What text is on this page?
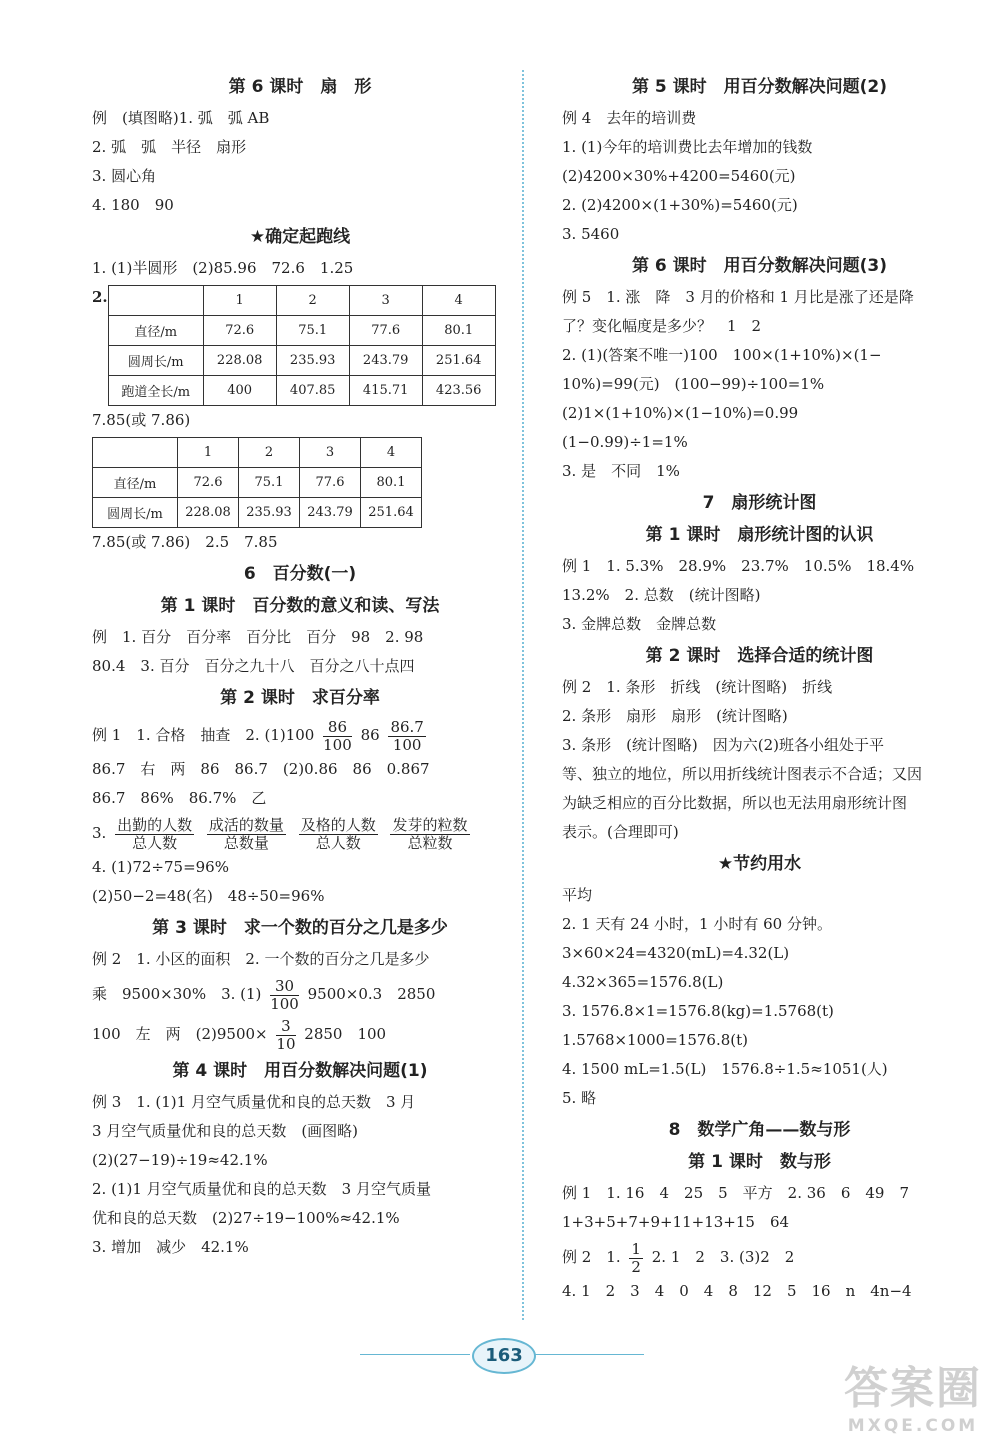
第 6 课时　扇　形
例　(填图略)1. 弧　弧 AB
2. 弧　弧　半径　扇形
3. 圆心角
4. 180　90
★确定起跑线
1. (1)半圆形　(2)85.96　72.6　1.25
2.
		1	2	3	4
直径/m	72.6	75.1	77.6	80.1
圆周长/m	228.08	235.93	243.79	251.64
跑道全长/m	400	407.85	415.71	423.56
7.85(或 7.86)
	1	2	3	4
直径/m	72.6	75.1	77.6	80.1
圆周长/m	228.08	235.93	243.79	251.64
7.85(或 7.86)　2.5　7.85
6　百分数(一)
第 1 课时　百分数的意义和读、写法
例　1. 百分　百分率　百分比　百分　98　2. 98
80.4　3. 百分　百分之九十八　百分之八十点四
第 2 课时　求百分率
例 1　1. 合格　抽查　2. $(1)100 \frac{86}{100} 86 \frac{86.7}{100}$
86.7　右　两　86　86.7　(2)0.86　86　0.867
86.7　86%　86.7%　乙
3. $\frac{\text{出勤的人数}}{\text{总人数}}$
$\frac{\text{成活的数量}}{\text{总数量}}$
$\frac{\text{及格的人数}}{\text{总人数}}$
$\frac{\text{发芽的粒数}}{\text{总粒数}}$
4. (1)72÷75=96%
(2)50−2=48(名)　48÷50=96%
第 3 课时　求一个数的百分之几是多少
例 2　1. 小区的面积　2. 一个数的百分之几是多少
乘　9500×30%　3. $(1) \frac{30}{100} 9500\times 0.3$　2850
100　左　两　$(2)9500\times \frac{3}{10} 2850$　100
第 4 课时　用百分数解决问题(1)
例 3　1. (1)1 月空气质量优和良的总天数　3 月
3 月空气质量优和良的总天数　(画图略)
(2)(27−19)÷19≈42.1%
2. (1)1 月空气质量优和良的总天数　3 月空气质量
优和良的总天数　(2)27÷19−100%≈42.1%
3. 增加　减少　42.1%
第 5 课时　用百分数解决问题(2)
例 4　去年的培训费
1. (1)今年的培训费比去年增加的钱数
(2)4200×30%+4200=5460(元)
2. (2)4200×(1+30%)=5460(元)
3. 5460
第 6 课时　用百分数解决问题(3)
例 5　1. 涨　降　3 月的价格和 1 月比是涨了还是降
了？变化幅度是多少？　1　2
2. (1)(答案不唯一)100　100×(1+10%)×(1−
10%)=99(元)　(100−99)÷100=1%
(2)1×(1+10%)×(1−10%)=0.99
(1−0.99)÷1=1%
3. 是　不同　1%
7　扇形统计图
第 1 课时　扇形统计图的认识
例 1　1. 5.3%　28.9%　23.7%　10.5%　18.4%
13.2%　2. 总数　(统计图略)
3. 金牌总数　金牌总数
第 2 课时　选择合适的统计图
例 2　1. 条形　折线　(统计图略)　折线
2. 条形　扇形　扇形　(统计图略)
3. 条形　(统计图略)　因为六(2)班各小组处于平
等、独立的地位，所以用折线统计图表示不合适；又因
为缺乏相应的百分比数据，所以也无法用扇形统计图
表示。(合理即可)
★节约用水
平均
2. 1 天有 24 小时，1 小时有 60 分钟。
3×60×24=4320(mL)=4.32(L)
4.32×365=1576.8(L)
3. 1576.8×1=1576.8(kg)=1.5768(t)
1.5768×1000=1576.8(t)
4. 1500 mL=1.5(L)　1576.8÷1.5≈1051(人)
5. 略
8　数学广角——数与形
第 1 课时　数与形
例 1　1. 16　4　25　5　平方　2. 36　6　49　7
1+3+5+7+9+11+13+15　64
例 2　1. $\frac{1}{2} 2$. 1　2　3. (3)2　2
4. 1　2　3　4　0　4　8　12　5　16　n　4n−4
163
答案圈
MXQE.COM
